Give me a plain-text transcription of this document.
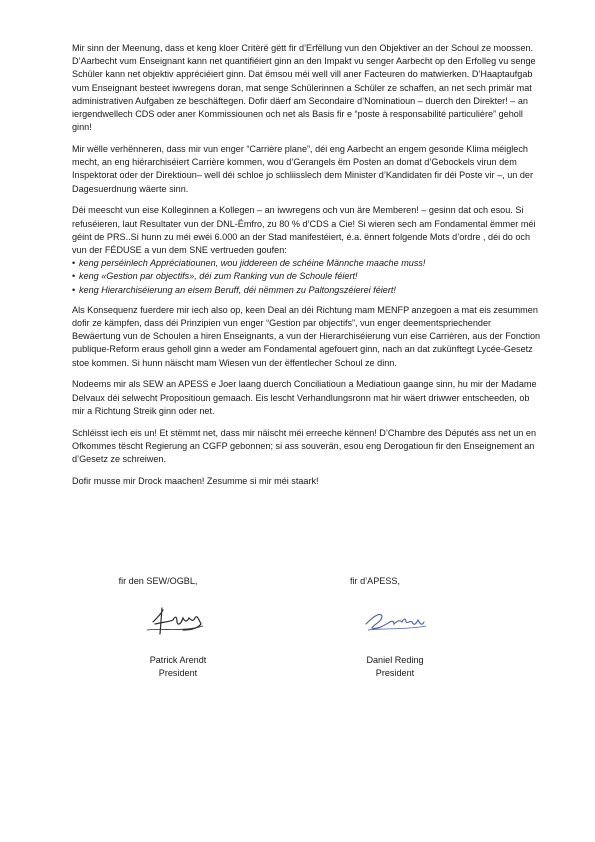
Mir sinn der Meenung, dass et keng kloer Critèrë gëtt fir d’Erfëllung vun den Objektiver an der Schoul ze moossen. D’Aarbecht vum Enseignant kann net quantifiéiert ginn an den Impakt vu senger Aarbecht op den Erfolleg vu senge Schüler kann net objektiv appréciéiert ginn. Dat ëmsou méi well vill aner Facteuren do matwierken. D’Haaptaufgab vum Enseignant besteet iwwregens doran, mat senge Schülerinnen a Schüler ze schaffen, an net sech primär mat administrativen Aufgaben ze beschäftegen. Dofir däerf am Secondaire d’Nominatioun – duerch den Direkter! – an iergendwellech CDS oder aner Kommissiounen och net als Basis fir e “poste à responsabilité particulière” geholl ginn!

Mir wëlle verhënneren, dass mir vun enger “Carrière plane”, déi eng Aarbecht an engem gesonde Klima méiglech mecht, an eng hiérarchiséiert Carrière kommen, wou d’Gerangels ëm Posten an domat d’Gebockels virun dem Inspektorat oder der Direktioun– well déi schloe jo schliisslech dem Minister d’Kandidaten fir déi Poste vir –, un der Dagesuerdnung wäerte sinn.

Déi meescht vun eise Kolleginnen a Kollegen – an iwwregens och vun äre Memberen! – gesinn dat och esou. Si refuséieren, laut Resultater vun der DNL-Ëmfro, zu 80 % d’CDS a Cie! Si wieren sech am Fondamental ëmmer méi géint de PRS..Si hunn zu méi ewéi 6.000 an der Stad manifestéiert, é.a. ënnert folgende Mots d’ordre , déi do och vun der FÉDUSE a vun dem SNE vertrueden goufen:

• keng perséinlech Appréciatiounen, wou jiddereen de schéine Männche maache muss!
• keng «Gestion par objectifs», déi zum Ranking vun de Schoule féiert!
• keng Hierarchiséierung an eisem Beruff, déi nëmmen zu Paltongszéierei féiert!

Als Konsequenz fuerdere mir iech also op, keen Deal an déi Richtung mam MENFP anzegoen a mat eis zesummen dofir ze kämpfen, dass déi Prinzipien vun enger “Gestion par objectifs”, vun enger deementspriechender Bewäertung vun de Schoulen a hiren Enseignants, a vun der Hierarchiséierung vun eise Carrièren, aus der Fonction publique-Reform eraus geholl ginn a weder am Fondamental agefouert ginn, nach an dat zukünftegt Lycée-Gesetz stoe kommen. Si hunn näischt mam Wiesen vun der ëffentlecher Schoul ze dinn.

Nodeems mir als SEW an APESS e Joer laang duerch Conciliatioun a Mediatioun gaange sinn, hu mir der Madame Delvaux déi selwecht Propositioun gemaach. Eis lescht Verhandlungsronn mat hir wäert driwwer entscheeden, ob mir a Richtung Streik ginn oder net.

Schléisst iech eis un! Et stëmmt net, dass mir näischt méi erreeche kënnen! D’Chambre des Députés ass net un en Ofkommes tëscht Regierung an CGFP gebonnen; si ass souverän, esou eng Derogatioun fir den Enseignement an d’Gesetz ze schreiwen.

Dofir musse mir Drock maachen! Zesumme si mir méi staark!

fir den SEW/OGBL,
Patrick Arendt
President
fir d’APESS,
Daniel Reding
President
